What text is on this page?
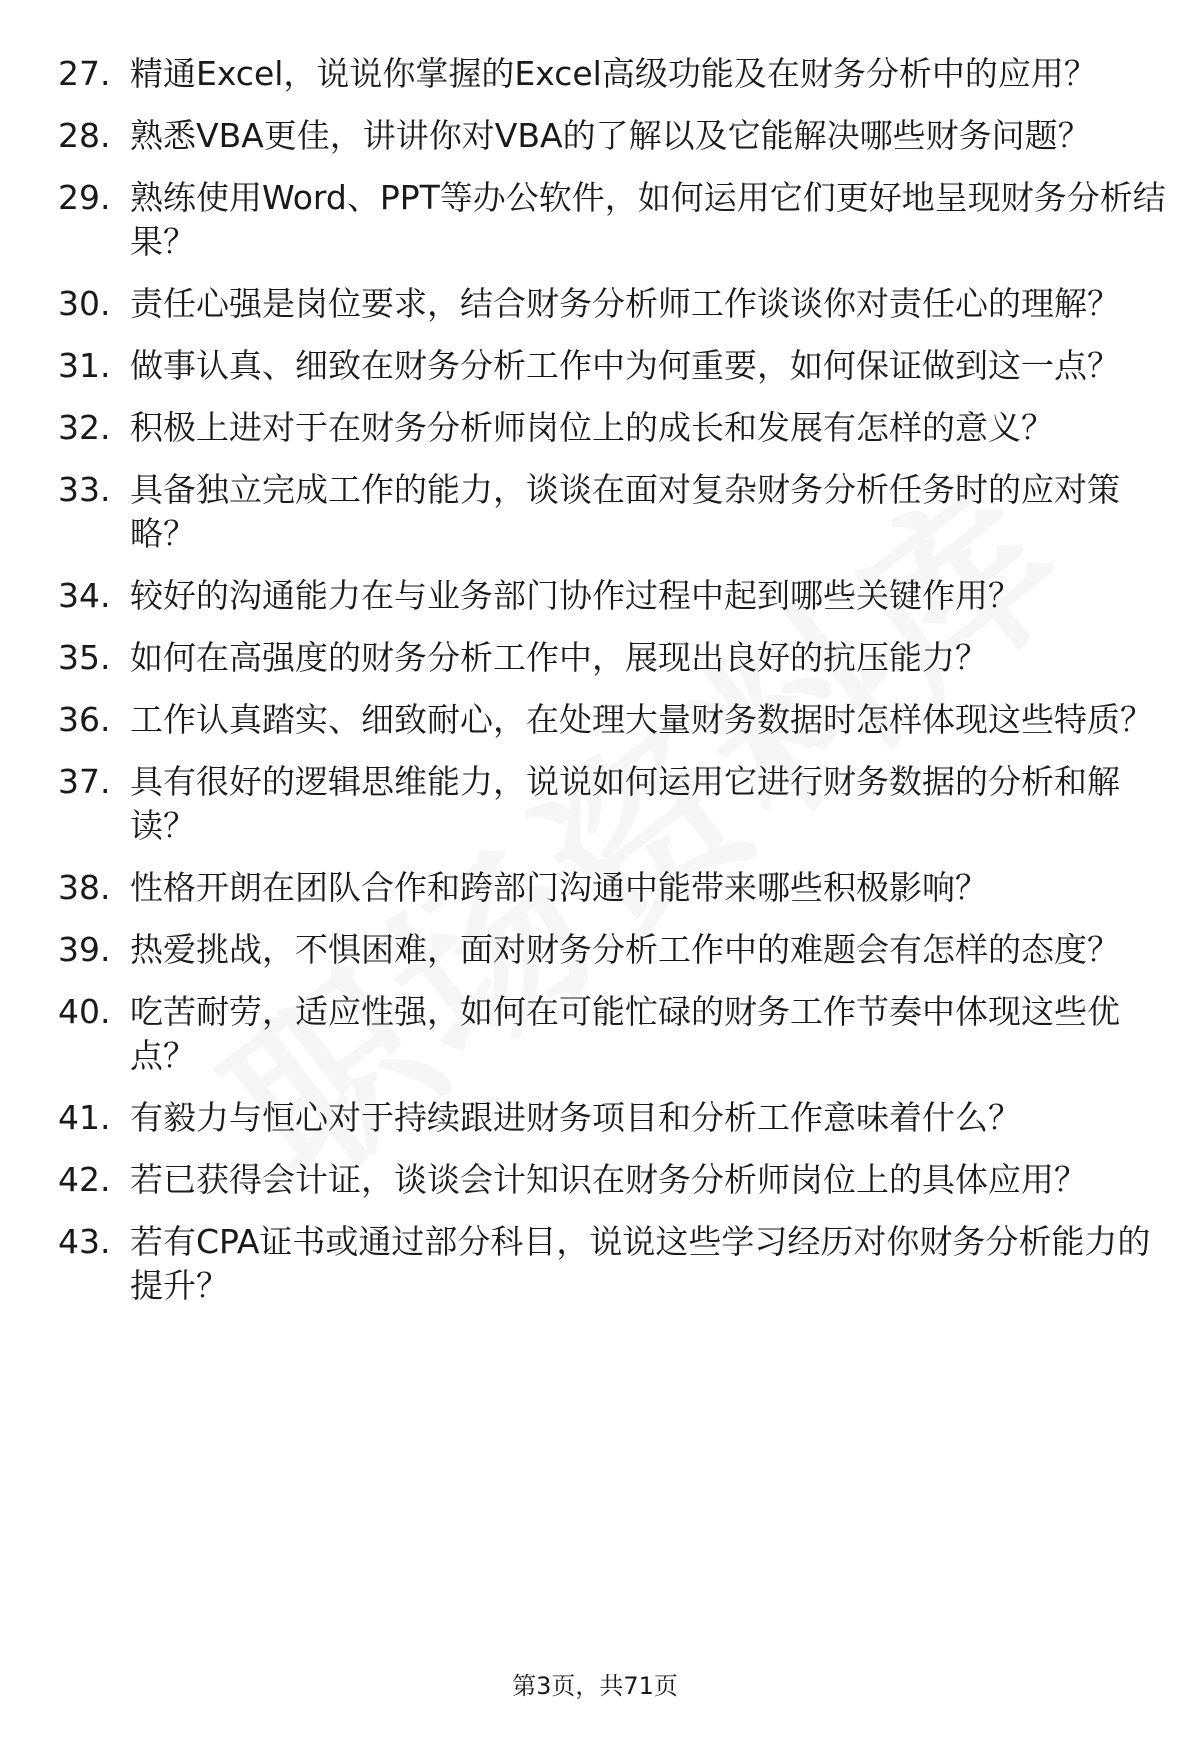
27. 精通Excel，说说你掌握的Excel高级功能及在财务分析中的应用？
28. 熟悉VBA更佳，讲讲你对VBA的了解以及它能解决哪些财务问题？
29. 熟练使用Word、PPT等办公软件，如何运用它们更好地呈现财务分析结果？
30. 责任心强是岗位要求，结合财务分析师工作谈谈你对责任心的理解？
31. 做事认真、细致在财务分析工作中为何重要，如何保证做到这一点？
32. 积极上进对于在财务分析师岗位上的成长和发展有怎样的意义？
33. 具备独立完成工作的能力，谈谈在面对复杂财务分析任务时的应对策略？
34. 较好的沟通能力在与业务部门协作过程中起到哪些关键作用？
35. 如何在高强度的财务分析工作中，展现出良好的抗压能力？
36. 工作认真踏实、细致耐心，在处理大量财务数据时怎样体现这些特质？
37. 具有很好的逻辑思维能力，说说如何运用它进行财务数据的分析和解读？
38. 性格开朗在团队合作和跨部门沟通中能带来哪些积极影响？
39. 热爱挑战，不惧困难，面对财务分析工作中的难题会有怎样的态度？
40. 吃苦耐劳，适应性强，如何在可能忙碌的财务工作节奏中体现这些优点？
41. 有毅力与恒心对于持续跟进财务项目和分析工作意味着什么？
42. 若已获得会计证，谈谈会计知识在财务分析师岗位上的具体应用？
43. 若有CPA证书或通过部分科目，说说这些学习经历对你财务分析能力的提升？
第3页，共71页
